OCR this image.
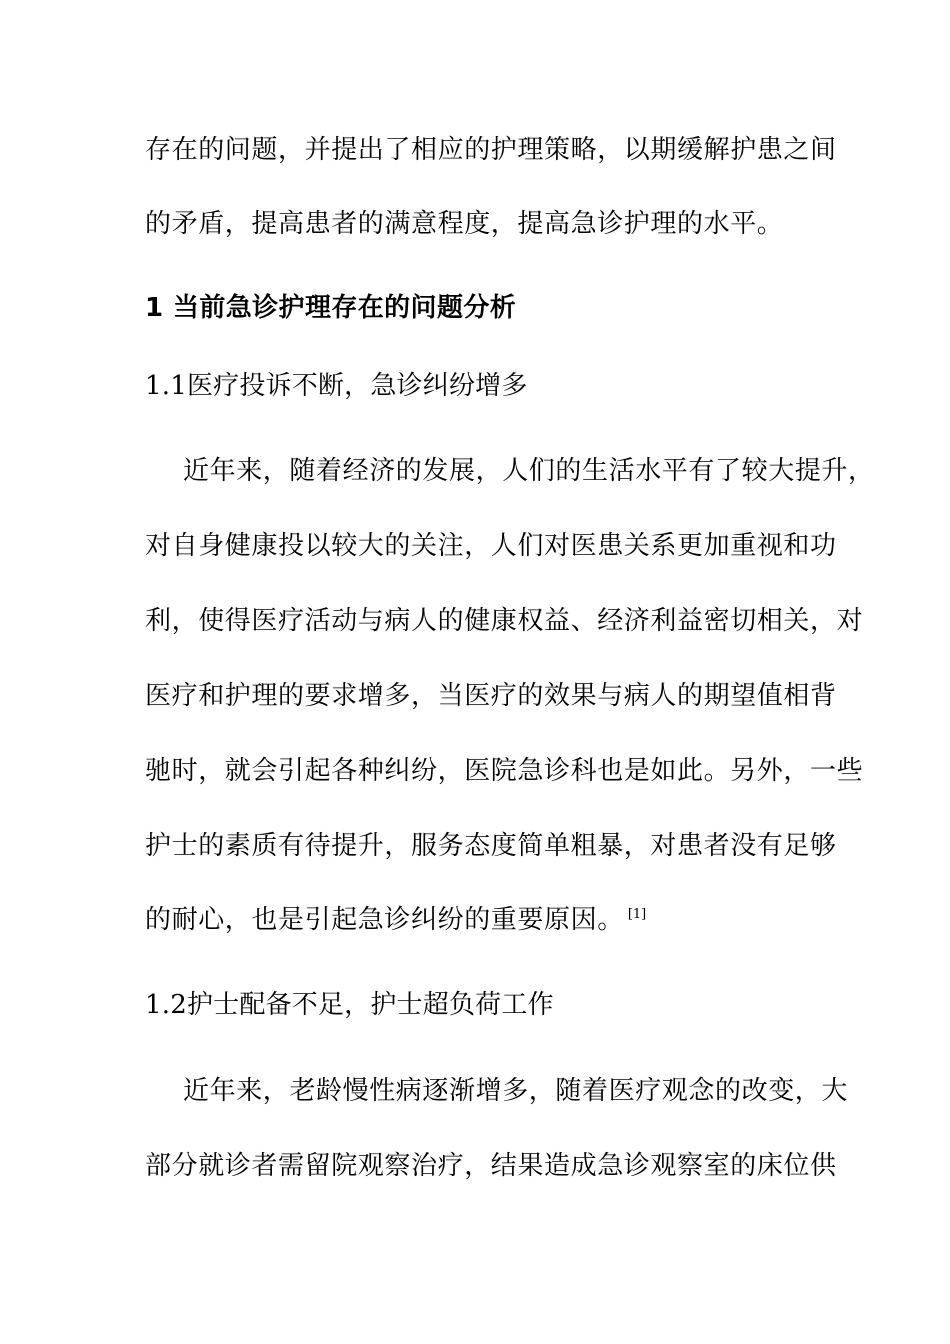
存在的问题，并提出了相应的护理策略，以期缓解护患之间
的矛盾，提高患者的满意程度，提高急诊护理的水平。
1 当前急诊护理存在的问题分析
1.1医疗投诉不断，急诊纠纷增多
近年来，随着经济的发展，人们的生活水平有了较大提升，
对自身健康投以较大的关注，人们对医患关系更加重视和功
利，使得医疗活动与病人的健康权益、经济利益密切相关，对
医疗和护理的要求增多，当医疗的效果与病人的期望值相背
驰时，就会引起各种纠纷，医院急诊科也是如此。另外，一些
护士的素质有待提升，服务态度简单粗暴，对患者没有足够
的耐心，也是引起急诊纠纷的重要原因。 [1]
1.2护士配备不足，护士超负荷工作
近年来，老龄慢性病逐渐增多，随着医疗观念的改变，大
部分就诊者需留院观察治疗，结果造成急诊观察室的床位供
